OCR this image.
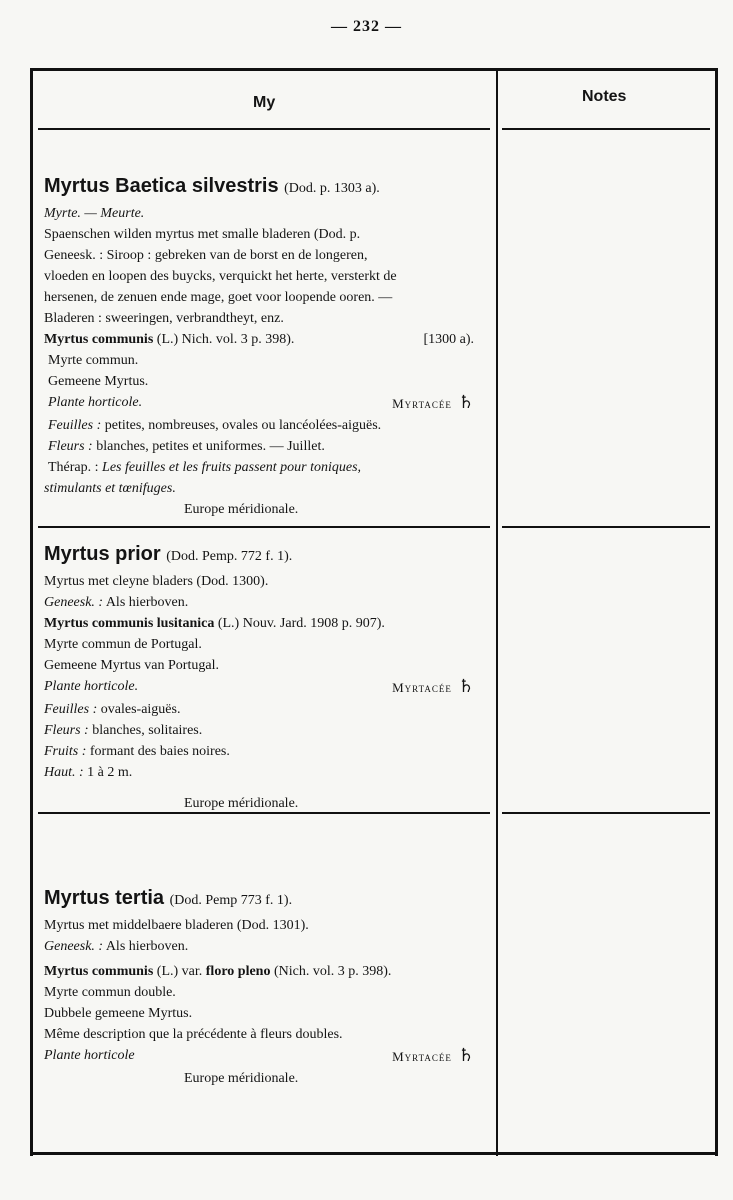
— 232 —
My	Notes
Myrtus Baetica silvestris (Dod. p. 1303 a).
Myrte. — Meurte.
Spaenschen wilden myrtus met smalle bladeren (Dod. p.
Geneesk. : Siroop : gebreken van de borst en de longeren,
vloeden en loopen des buycks, verquickt het herte, versterkt de
hersenen, de zenuen ende mage, goet voor loopende ooren. —
Bladeren : sweeringen, verbrandtheyt, enz.
Myrtus communis (L.) Nich. vol. 3 p. 398).	[1300 a).
Myrte commun.
Gemeene Myrtus.
Plante horticole.	Myrtacée ♄
Feuilles : petites, nombreuses, ovales ou lancéolées-aiguës.
Fleurs : blanches, petites et uniformes. — Juillet.
Thérap. : Les feuilles et les fruits passent pour toniques,
stimulants et tœnifuges.
Europe méridionale.
Myrtus prior (Dod. Pemp. 772 f. 1).
Myrtus met cleyne bladers (Dod. 1300).
Geneesk. : Als hierboven.
Myrtus communis lusitanica (L.) Nouv. Jard. 1908 p. 907).
Myrte commun de Portugal.
Gemeene Myrtus van Portugal.
Plante horticole.	Myrtacée ♄
Feuilles : ovales-aiguës.
Fleurs : blanches, solitaires.
Fruits : formant des baies noires.
Haut. : 1 à 2 m.
Europe méridionale.
Myrtus tertia (Dod. Pemp 773 f. 1).
Myrtus met middelbaere bladeren (Dod. 1301).
Geneesk. : Als hierboven.
Myrtus communis (L.) var. floro pleno (Nich. vol. 3 p. 398).
Myrte commun double.
Dubbele gemeene Myrtus.
Même description que la précédente à fleurs doubles.
Plante horticole	Myrtacée ♄
Europe méridionale.
